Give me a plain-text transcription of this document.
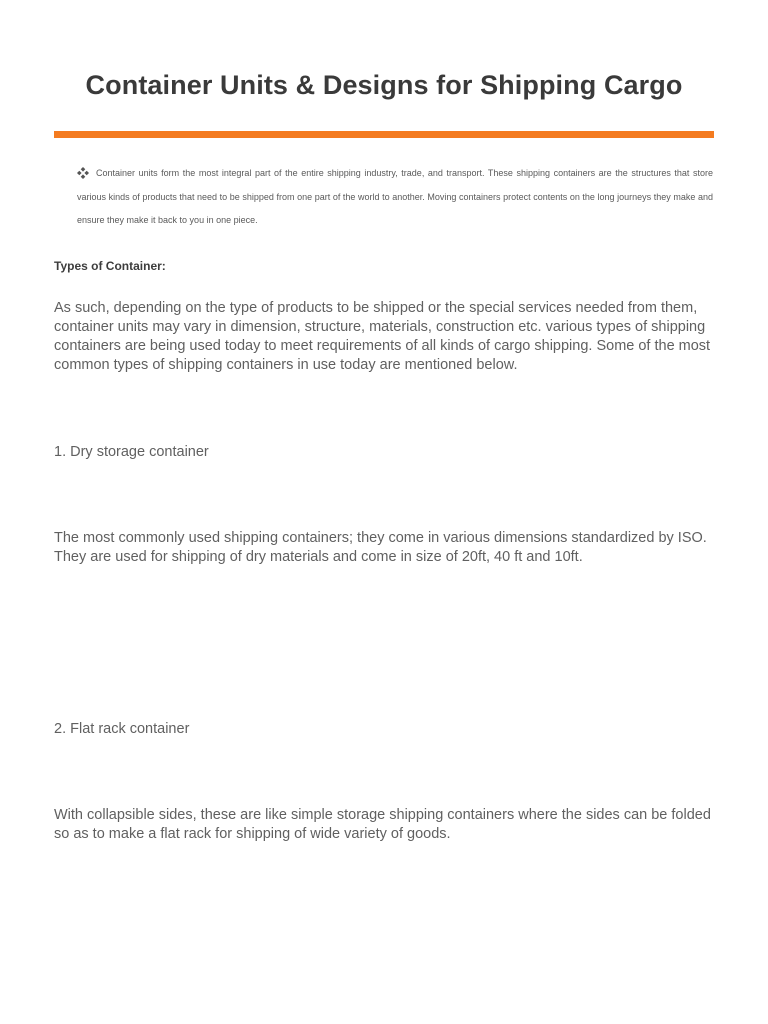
Container Units & Designs for Shipping Cargo
Container units form the most integral part of the entire shipping industry, trade, and transport. These shipping containers are the structures that store various kinds of products that need to be shipped from one part of the world to another. Moving containers protect contents on the long journeys they make and ensure they make it back to you in one piece.
Types of Container:

As such, depending on the type of products to be shipped or the special services needed from them, container units may vary in dimension, structure, materials, construction etc. various types of shipping containers are being used today to meet requirements of all kinds of cargo shipping. Some of the most common types of shipping containers in use today are mentioned below.

1. Dry storage container

The most commonly used shipping containers; they come in various dimensions standardized by ISO. They are used for shipping of dry materials and come in size of 20ft, 40 ft and 10ft.

2. Flat rack container

With collapsible sides, these are like simple storage shipping containers where the sides can be folded so as to make a flat rack for shipping of wide variety of goods.
